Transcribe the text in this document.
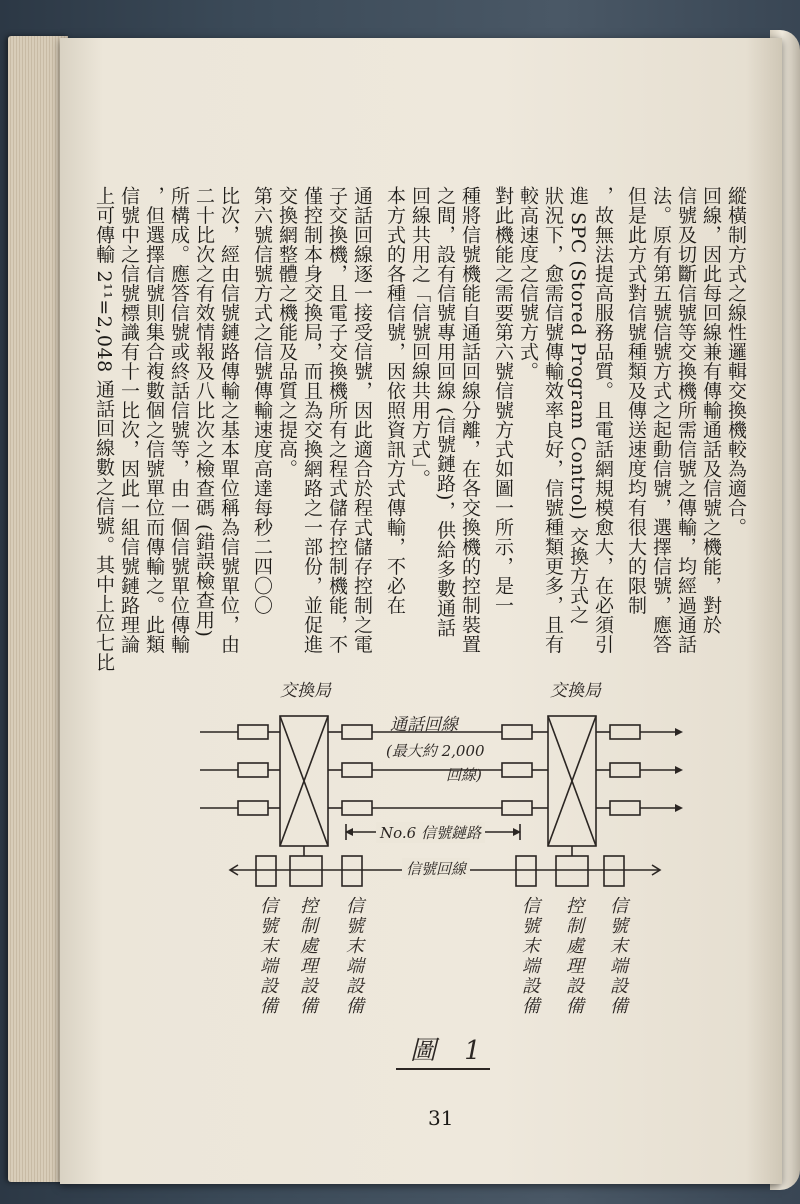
縱橫制方式之線性邏輯交換機較為適合。
回線，因此每回線兼有傳輸通話及信號之機能，對於
信號及切斷信號等交換機所需信號之傳輸，均經過通話
法。原有第五號信號方式之起動信號，選擇信號，應答
但是此方式對信號種類及傳送速度均有很大的限制
，故無法提高服務品質。且電話網規模愈大，在必須引
進 SPC (Stored Program Control) 交換方式之
狀況下，愈需信號傳輸效率良好，信號種類更多，且有
較高速度之信號方式。
對此機能之需要第六號信號方式如圖一所示，是一
種將信號機能自通話回線分離，在各交換機的控制裝置
之間，設有信號專用回線 (信號鏈路)，供給多數通話
回線共用之「信號回線共用方式」。
本方式的各種信號，因依照資訊方式傳輸，不必在
通話回線逐一接受信號，因此適合於程式儲存控制之電
子交換機，且電子交換機所有之程式儲存控制機能，不
僅控制本身交換局，而且為交換網路之一部份，並促進
交換網整體之機能及品質之提高。
第六號信號方式之信號傳輸速度高達每秒二四〇〇
比次，經由信號鏈路傳輸之基本單位稱為信號單位，由
二十比次之有效情報及八比次之檢查碼 (錯誤檢查用)
所構成。應答信號或終話信號等，由一個信號單位傳輸
，但選擇信號則集合複數個之信號單位而傳輸之。此類
信號中之信號標識有十一比次，因此一組信號鏈路理論
上可傳輸 2¹¹=2,048 通話回線數之信號。其中上位七比
交換局	交換局
通話回線
(最大約 2,000
回線)
No.6 信號鏈路
信號回線
信號末端設備 控制處理設備 信號末端設備	信號末端設備 控制處理設備 信號末端設備
圖 1
31
